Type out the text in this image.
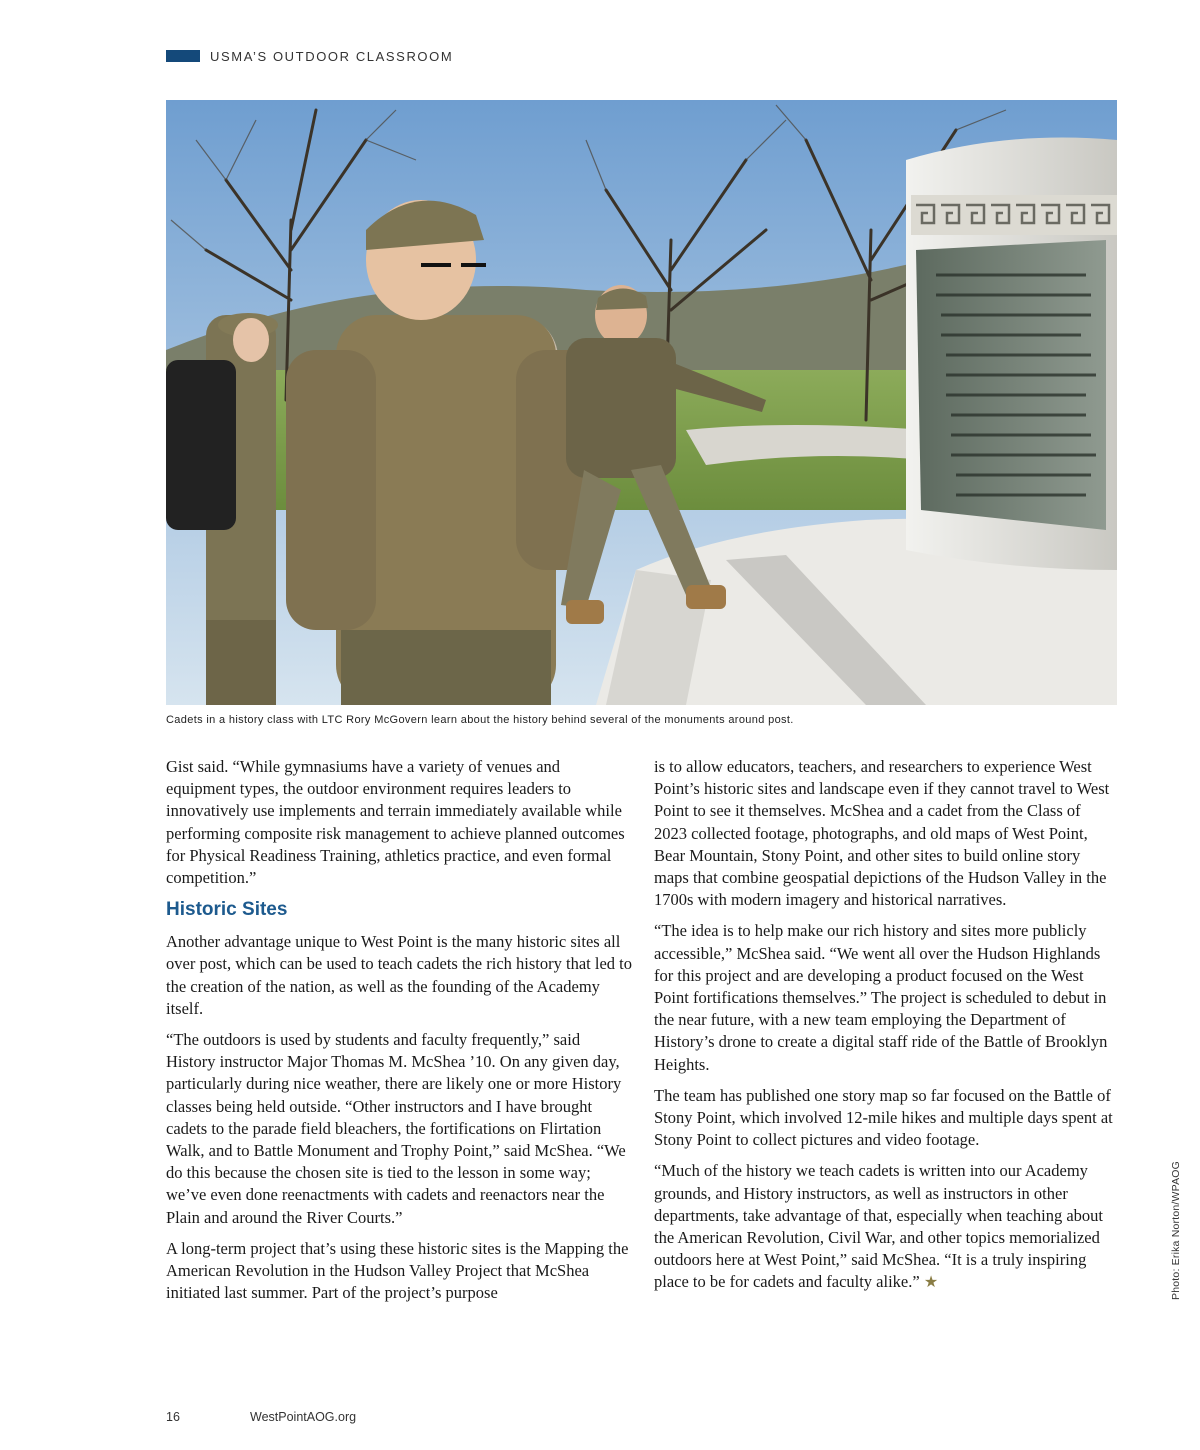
USMA’S OUTDOOR CLASSROOM
Cadets in a history class with LTC Rory McGovern learn about the history behind several of the monuments around post.

Gist said. “While gymnasiums have a variety of venues and equipment types, the outdoor environment requires leaders to innovatively use implements and terrain immediately available while performing composite risk management to achieve planned outcomes for Physical Readiness Training, athletics practice, and even formal competition.”

Historic Sites

Another advantage unique to West Point is the many historic sites all over post, which can be used to teach cadets the rich history that led to the creation of the nation, as well as the founding of the Academy itself.

“The outdoors is used by students and faculty frequently,” said History instructor Major Thomas M. McShea ’10. On any given day, particularly during nice weather, there are likely one or more History classes being held outside. “Other instructors and I have brought cadets to the parade field bleachers, the fortifications on Flirtation Walk, and to Battle Monument and Trophy Point,” said McShea. “We do this because the chosen site is tied to the lesson in some way; we’ve even done reenactments with cadets and reenactors near the Plain and around the River Courts.”

A long-term project that’s using these historic sites is the Mapping the American Revolution in the Hudson Valley Project that McShea initiated last summer. Part of the project’s purpose

is to allow educators, teachers, and researchers to experience West Point’s historic sites and landscape even if they cannot travel to West Point to see it themselves. McShea and a cadet from the Class of 2023 collected footage, photographs, and old maps of West Point, Bear Mountain, Stony Point, and other sites to build online story maps that combine geospatial depictions of the Hudson Valley in the 1700s with modern imagery and historical narratives.

“The idea is to help make our rich history and sites more publicly accessible,” McShea said. “We went all over the Hudson Highlands for this project and are developing a product focused on the West Point fortifications themselves.” The project is scheduled to debut in the near future, with a new team employing the Department of History’s drone to create a digital staff ride of the Battle of Brooklyn Heights.

The team has published one story map so far focused on the Battle of Stony Point, which involved 12-mile hikes and multiple days spent at Stony Point to collect pictures and video footage.

“Much of the history we teach cadets is written into our Academy grounds, and History instructors, as well as instructors in other departments, take advantage of that, especially when teaching about the American Revolution, Civil War, and other topics memorialized outdoors here at West Point,” said McShea. “It is a truly inspiring place to be for cadets and faculty alike.” ★	Photo: Erika Norton/WPAOG
16	WestPointAOG.org
